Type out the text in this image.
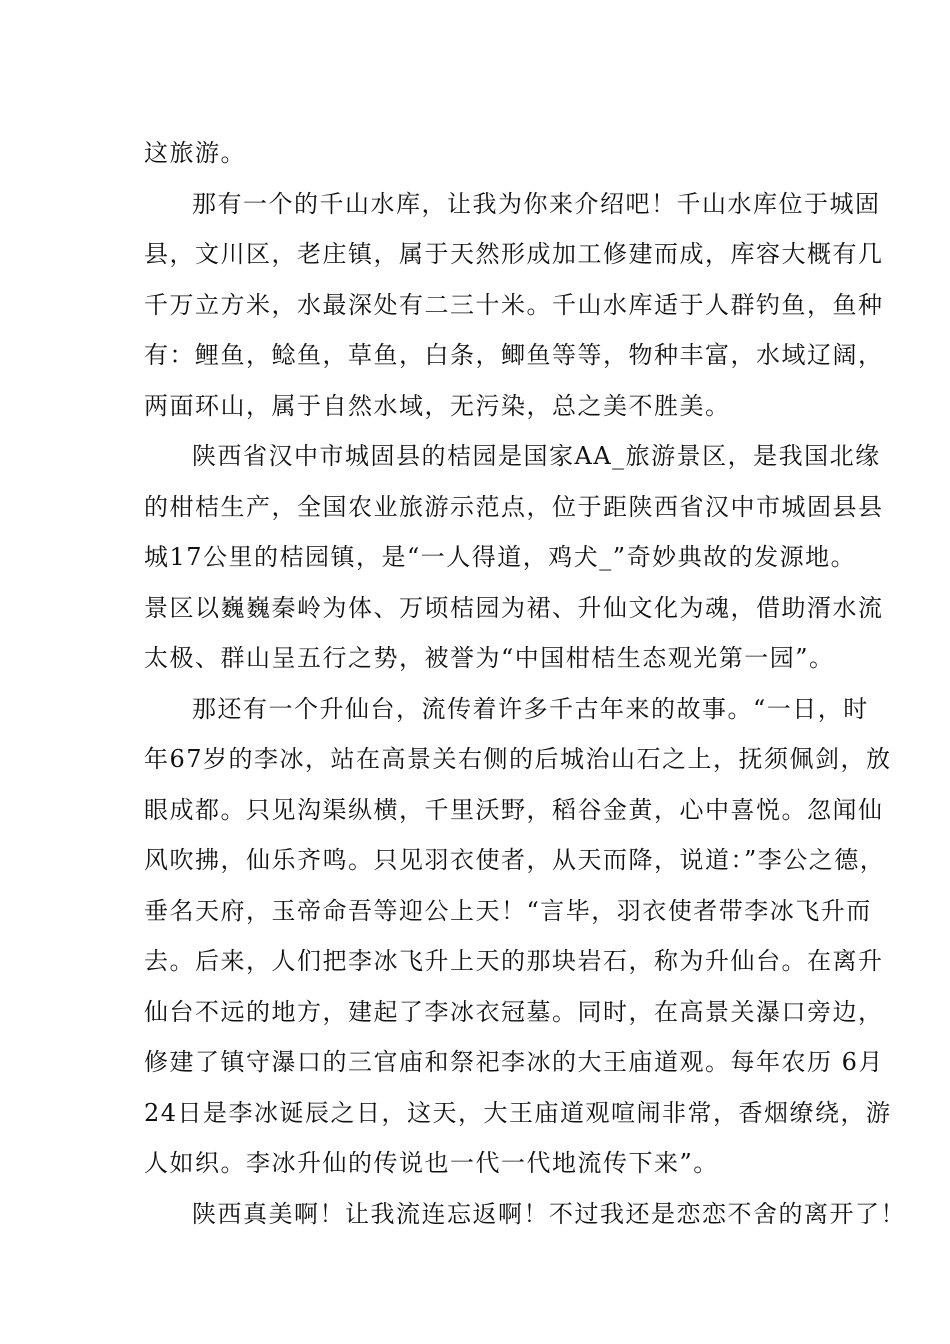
这旅游。

那有一个的千山水库，让我为你来介绍吧！千山水库位于城固
县，文川区，老庄镇，属于天然形成加工修建而成，库容大概有几
千万立方米，水最深处有二三十米。千山水库适于人群钓鱼，鱼种
有：鲤鱼，鲶鱼，草鱼，白条，鲫鱼等等，物种丰富，水域辽阔，
两面环山，属于自然水域，无污染，总之美不胜美。

陕西省汉中市城固县的桔园是国家AA_旅游景区，是我国北缘
的柑桔生产，全国农业旅游示范点，位于距陕西省汉中市城固县县
城17公里的桔园镇，是“一人得道，鸡犬_”奇妙典故的发源地。
景区以巍巍秦岭为体、万顷桔园为裙、升仙文化为魂，借助湑水流
太极、群山呈五行之势，被誉为“中国柑桔生态观光第一园”。

那还有一个升仙台，流传着许多千古年来的故事。“一日，时
年67岁的李冰，站在高景关右侧的后城治山石之上，抚须佩剑，放
眼成都。只见沟渠纵横，千里沃野，稻谷金黄，心中喜悦。忽闻仙
风吹拂，仙乐齐鸣。只见羽衣使者，从天而降，说道：”李公之德，
垂名天府，玉帝命吾等迎公上天！“言毕，羽衣使者带李冰飞升而
去。后来，人们把李冰飞升上天的那块岩石，称为升仙台。在离升
仙台不远的地方，建起了李冰衣冠墓。同时，在高景关瀑口旁边，
修建了镇守瀑口的三官庙和祭祀李冰的大王庙道观。每年农历 6月
24日是李冰诞辰之日，这天，大王庙道观喧闹非常，香烟缭绕，游
人如织。李冰升仙的传说也一代一代地流传下来”。

陕西真美啊！让我流连忘返啊！不过我还是恋恋不舍的离开了！
